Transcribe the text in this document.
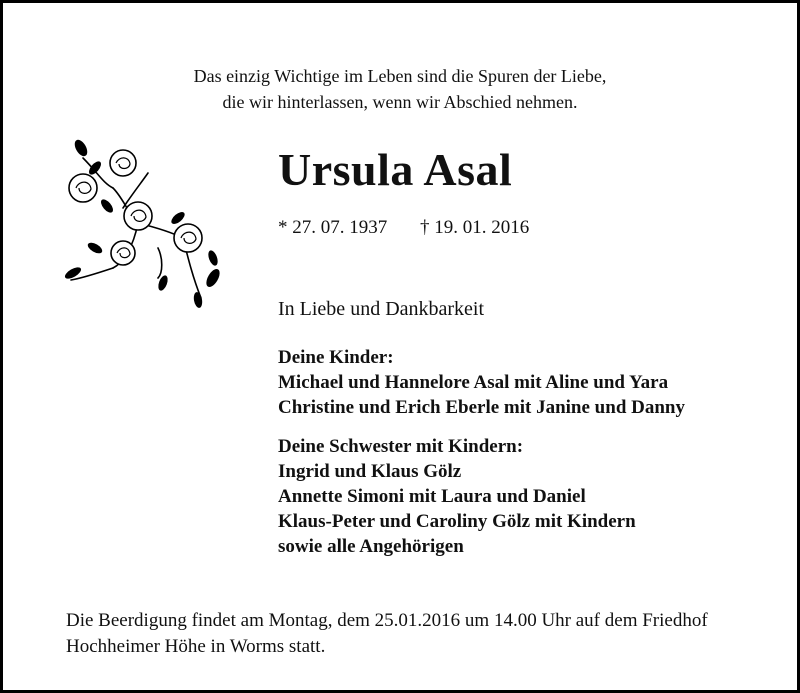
Das einzig Wichtige im Leben sind die Spuren der Liebe,
die wir hinterlassen, wenn wir Abschied nehmen.
Ursula Asal
* 27. 07. 1937 † 19. 01. 2016
In Liebe und Dankbarkeit
Deine Kinder:
Michael und Hannelore Asal mit Aline und Yara
Christine und Erich Eberle mit Janine und Danny
Deine Schwester mit Kindern:
Ingrid und Klaus Gölz
Annette Simoni mit Laura und Daniel
Klaus-Peter und Caroliny Gölz mit Kindern
sowie alle Angehörigen
Die Beerdigung findet am Montag, dem 25.01.2016 um 14.00 Uhr auf dem Friedhof
Hochheimer Höhe in Worms statt.
